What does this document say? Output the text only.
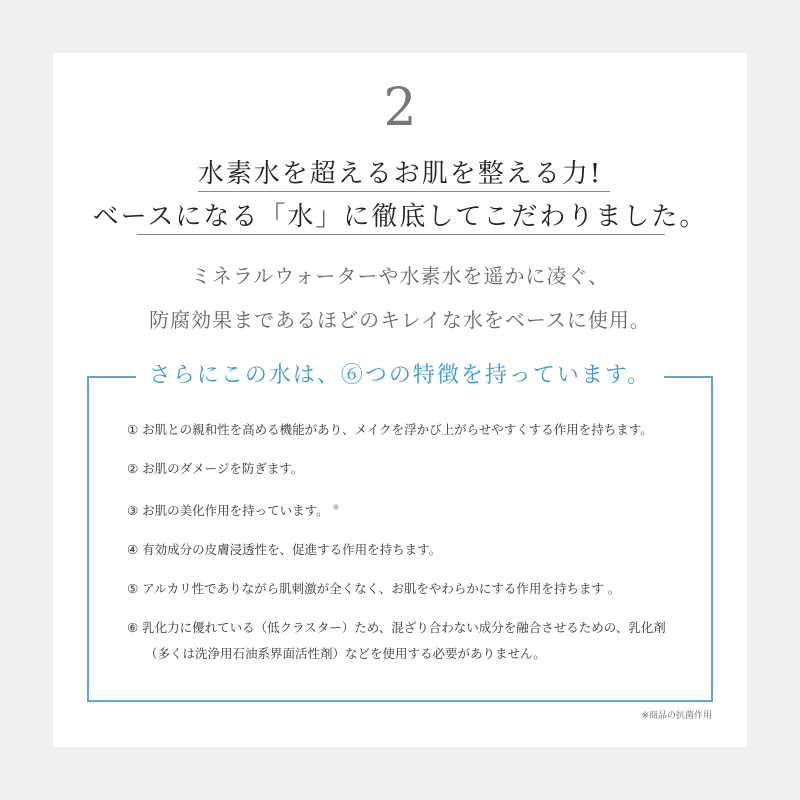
2
水素水を超えるお肌を整える力!
ベースになる「水」に徹底してこだわりました。
ミネラルウォーターや水素水を遥かに凌ぐ、
防腐効果まであるほどのキレイな水をベースに使用。
さらにこの水は、⑥つの特徴を持っています。
① お肌との親和性を高める機能があり、メイクを浮かび上がらせやすくする作用を持ちます。
② お肌のダメージを防ぎます。
③ お肌の美化作用を持っています。 ※
④ 有効成分の皮膚浸透性を、促進する作用を持ちます。
⑤ アルカリ性でありながら肌刺激が全くなく、お肌をやわらかにする作用を持ちます 。
⑥ 乳化力に優れている（低クラスター）ため、混ざり合わない成分を融合させるための、乳化剤
（多くは洗浄用石油系界面活性剤）などを使用する必要がありません。
※商品の抗菌作用
